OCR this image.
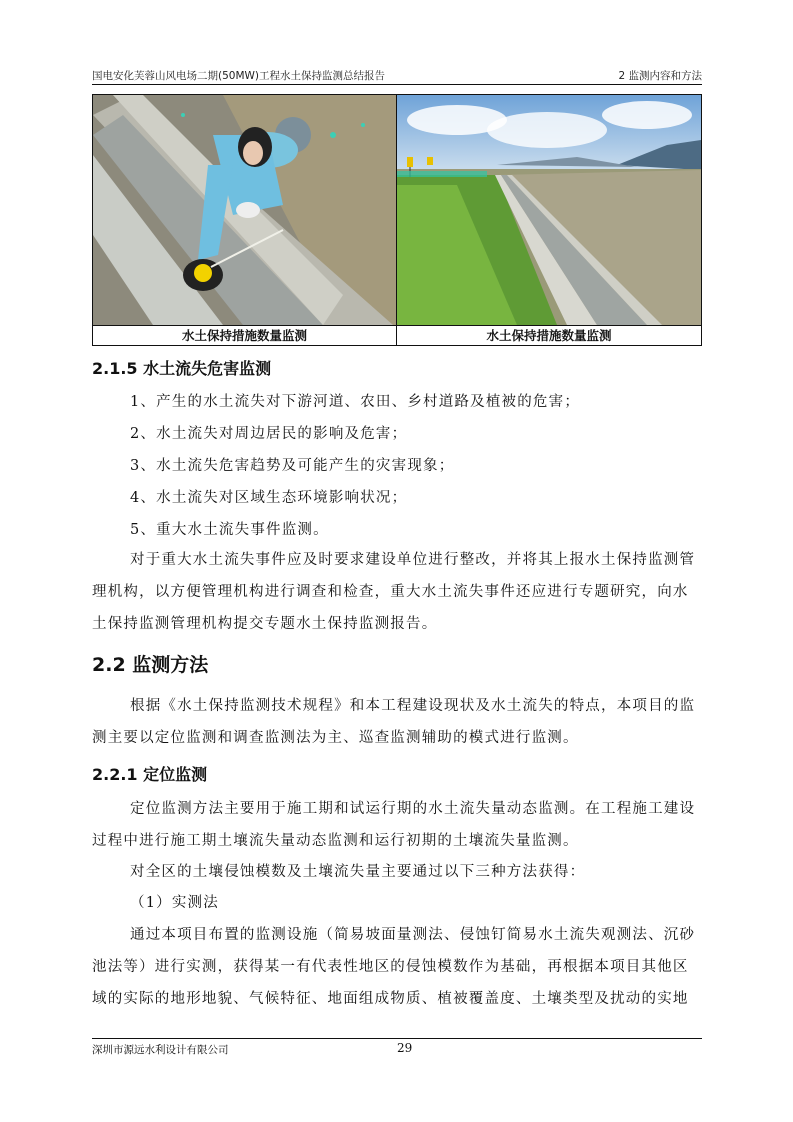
国电安化芙蓉山风电场二期(50MW)工程水土保持监测总结报告	2 监测内容和方法
水土保持措施数量监测	水土保持措施数量监测
2.1.5 水土流失危害监测
1、产生的水土流失对下游河道、农田、乡村道路及植被的危害；
2、水土流失对周边居民的影响及危害；
3、水土流失危害趋势及可能产生的灾害现象；
4、水土流失对区域生态环境影响状况；
5、重大水土流失事件监测。
对于重大水土流失事件应及时要求建设单位进行整改，并将其上报水土保持监测管
理机构，以方便管理机构进行调查和检查，重大水土流失事件还应进行专题研究，向水
土保持监测管理机构提交专题水土保持监测报告。
2.2 监测方法
根据《水土保持监测技术规程》和本工程建设现状及水土流失的特点，本项目的监
测主要以定位监测和调查监测法为主、巡查监测辅助的模式进行监测。
2.2.1 定位监测
定位监测方法主要用于施工期和试运行期的水土流失量动态监测。在工程施工建设
过程中进行施工期土壤流失量动态监测和运行初期的土壤流失量监测。
对全区的土壤侵蚀模数及土壤流失量主要通过以下三种方法获得：
（1）实测法
通过本项目布置的监测设施（简易坡面量测法、侵蚀钉简易水土流失观测法、沉砂
池法等）进行实测，获得某一有代表性地区的侵蚀模数作为基础，再根据本项目其他区
域的实际的地形地貌、气候特征、地面组成物质、植被覆盖度、土壤类型及扰动的实地
深圳市源远水利设计有限公司	29
